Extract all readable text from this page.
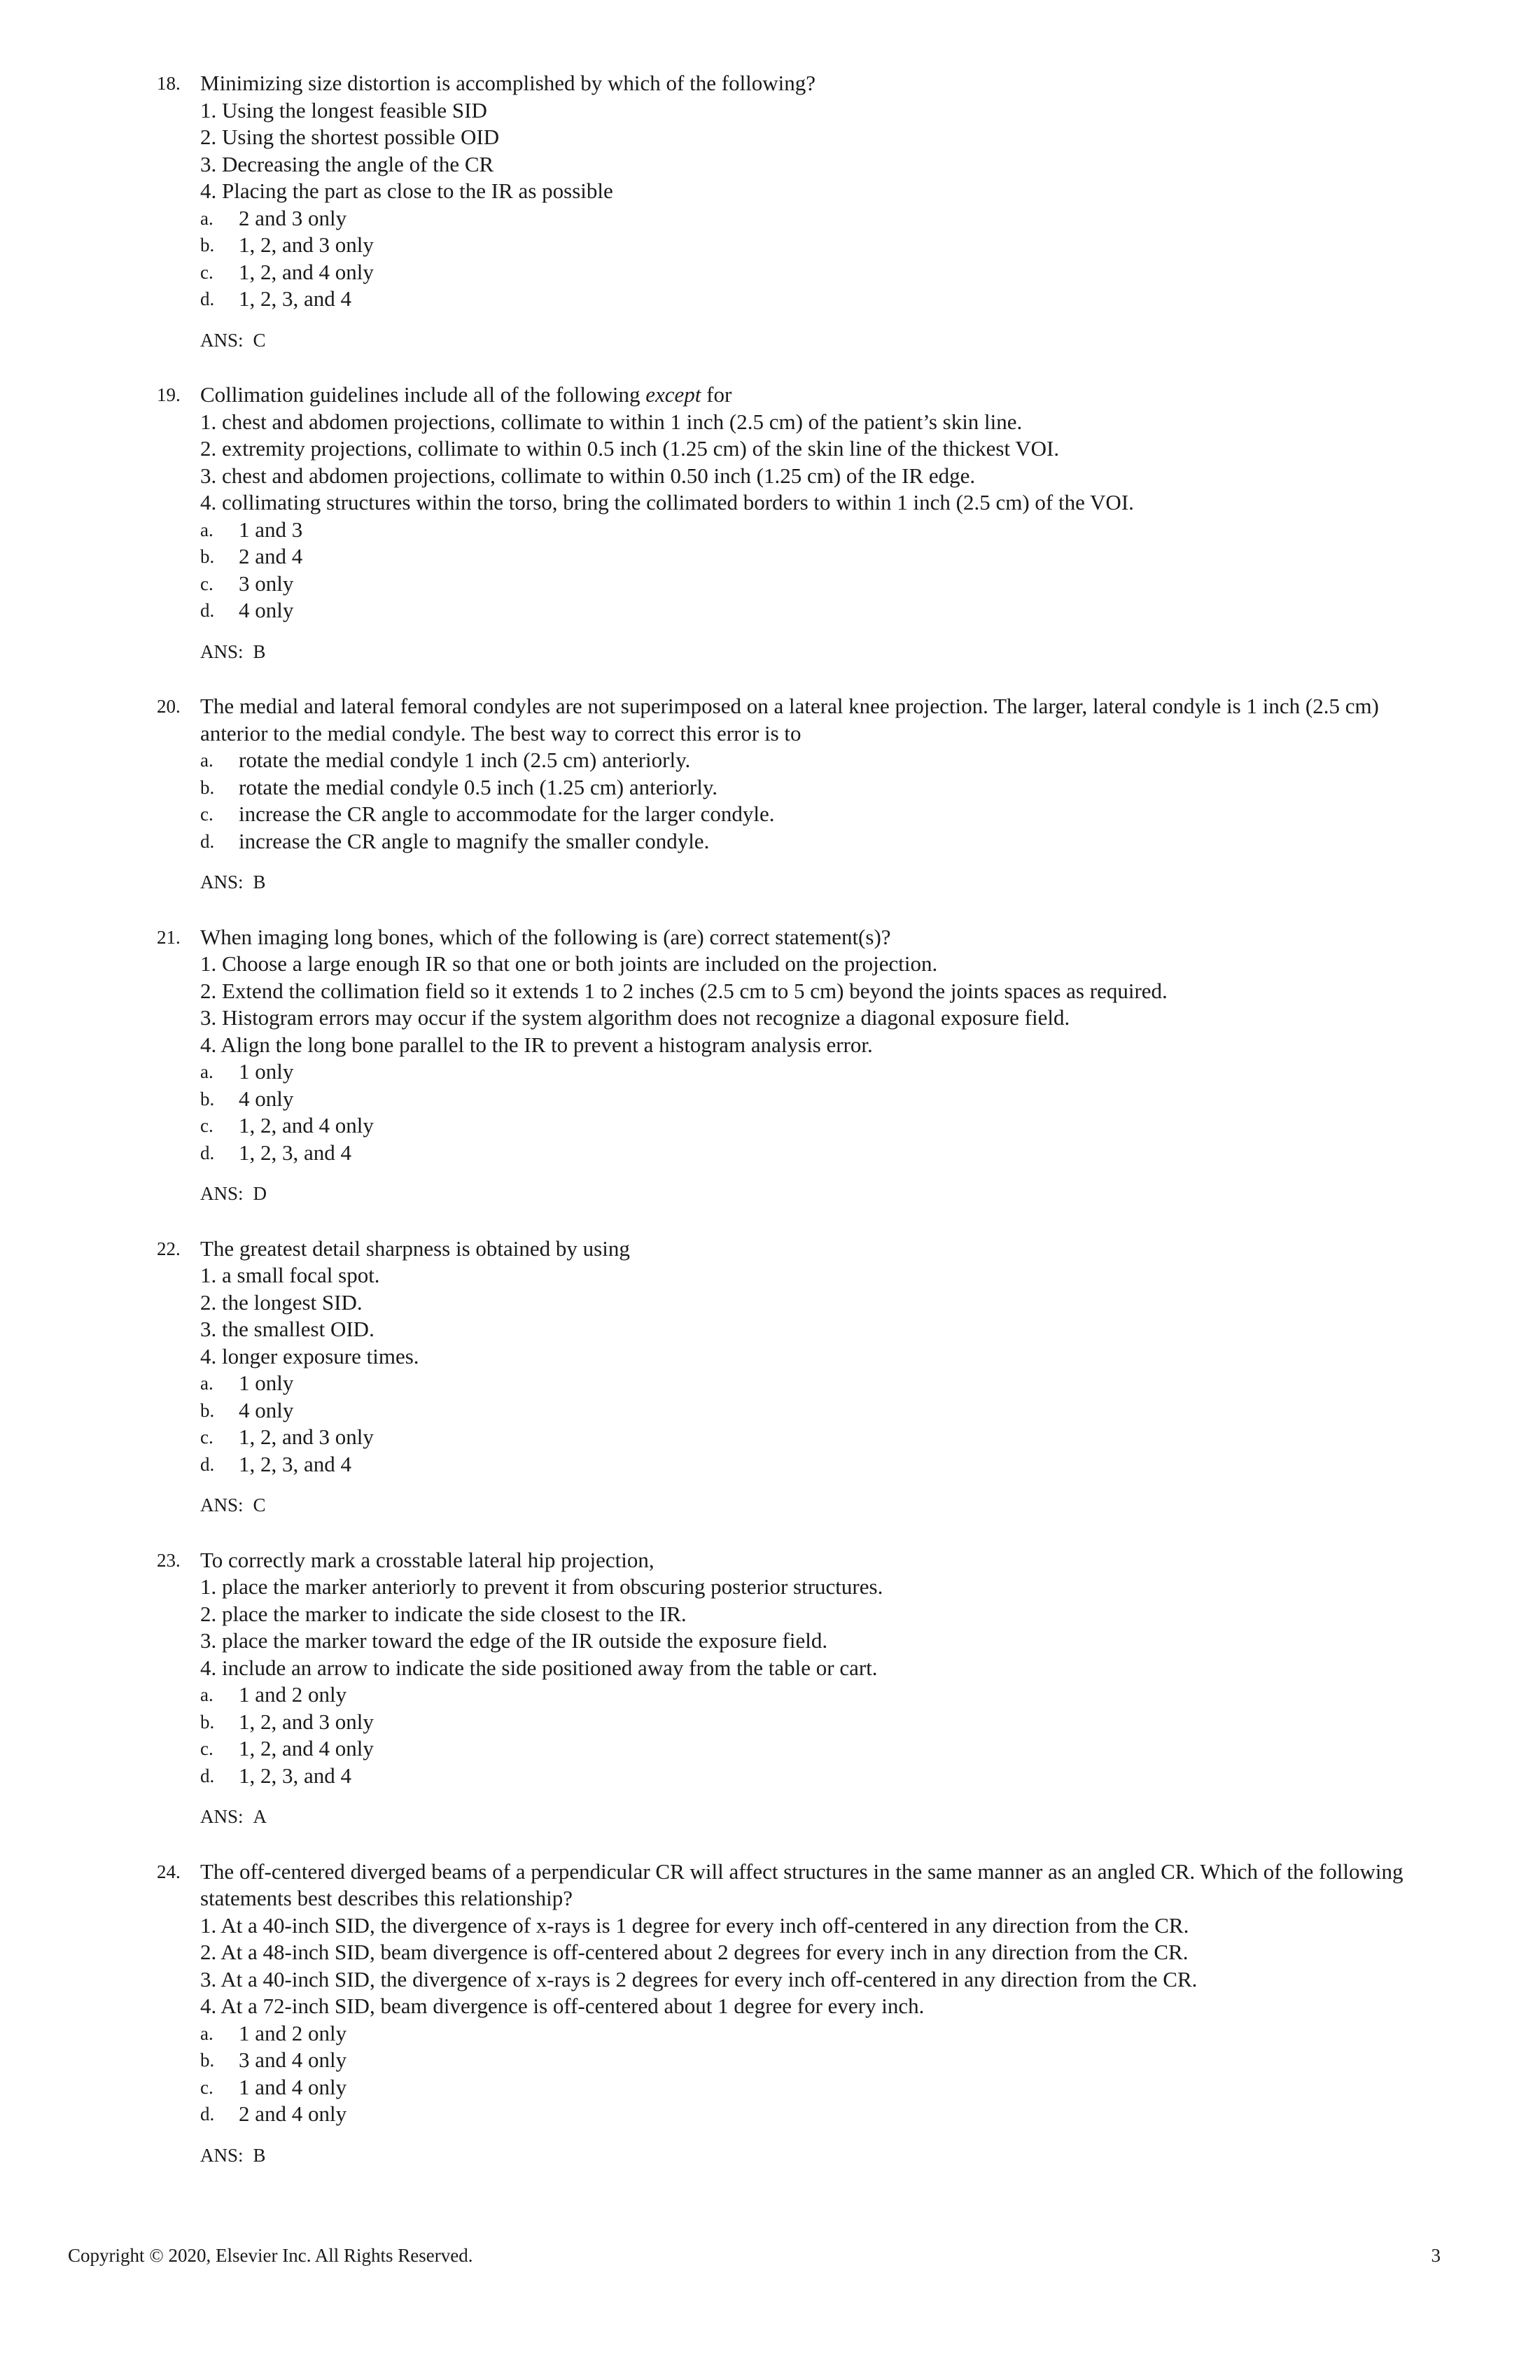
18. Minimizing size distortion is accomplished by which of the following?

1. Using the longest feasible SID

2. Using the shortest possible OID

3. Decreasing the angle of the CR

4. Placing the part as close to the IR as possible

a. 2 and 3 only
b. 1, 2, and 3 only
c. 1, 2, and 4 only
d. 1, 2, 3, and 4
ANS: C
19. Collimation guidelines include all of the following except for

1. chest and abdomen projections, collimate to within 1 inch (2.5 cm) of the patient’s skin line.

2. extremity projections, collimate to within 0.5 inch (1.25 cm) of the skin line of the thickest VOI.

3. chest and abdomen projections, collimate to within 0.50 inch (1.25 cm) of the IR edge.

4. collimating structures within the torso, bring the collimated borders to within 1 inch (2.5 cm) of the VOI.

a. 1 and 3
b. 2 and 4
c. 3 only
d. 4 only
ANS: B
20. The medial and lateral femoral condyles are not superimposed on a lateral knee projection. The larger, lateral condyle is 1 inch (2.5 cm) anterior to the medial condyle. The best way to correct this error is to

a. rotate the medial condyle 1 inch (2.5 cm) anteriorly.
b. rotate the medial condyle 0.5 inch (1.25 cm) anteriorly.
c. increase the CR angle to accommodate for the larger condyle.
d. increase the CR angle to magnify the smaller condyle.
ANS: B
21. When imaging long bones, which of the following is (are) correct statement(s)?

1. Choose a large enough IR so that one or both joints are included on the projection.

2. Extend the collimation field so it extends 1 to 2 inches (2.5 cm to 5 cm) beyond the joints spaces as required.

3. Histogram errors may occur if the system algorithm does not recognize a diagonal exposure field.

4. Align the long bone parallel to the IR to prevent a histogram analysis error.

a. 1 only
b. 4 only
c. 1, 2, and 4 only
d. 1, 2, 3, and 4
ANS: D
22. The greatest detail sharpness is obtained by using

1. a small focal spot.

2. the longest SID.

3. the smallest OID.

4. longer exposure times.

a. 1 only
b. 4 only
c. 1, 2, and 3 only
d. 1, 2, 3, and 4
ANS: C
23. To correctly mark a crosstable lateral hip projection,

1. place the marker anteriorly to prevent it from obscuring posterior structures.

2. place the marker to indicate the side closest to the IR.

3. place the marker toward the edge of the IR outside the exposure field.

4. include an arrow to indicate the side positioned away from the table or cart.

a. 1 and 2 only
b. 1, 2, and 3 only
c. 1, 2, and 4 only
d. 1, 2, 3, and 4
ANS: A
24. The off-centered diverged beams of a perpendicular CR will affect structures in the same manner as an angled CR. Which of the following statements best describes this relationship?

1. At a 40-inch SID, the divergence of x-rays is 1 degree for every inch off-centered in any direction from the CR.

2. At a 48-inch SID, beam divergence is off-centered about 2 degrees for every inch in any direction from the CR.

3. At a 40-inch SID, the divergence of x-rays is 2 degrees for every inch off-centered in any direction from the CR.

4. At a 72-inch SID, beam divergence is off-centered about 1 degree for every inch.

a. 1 and 2 only
b. 3 and 4 only
c. 1 and 4 only
d. 2 and 4 only
ANS: B
Copyright © 2020, Elsevier Inc. All Rights Reserved.	3
